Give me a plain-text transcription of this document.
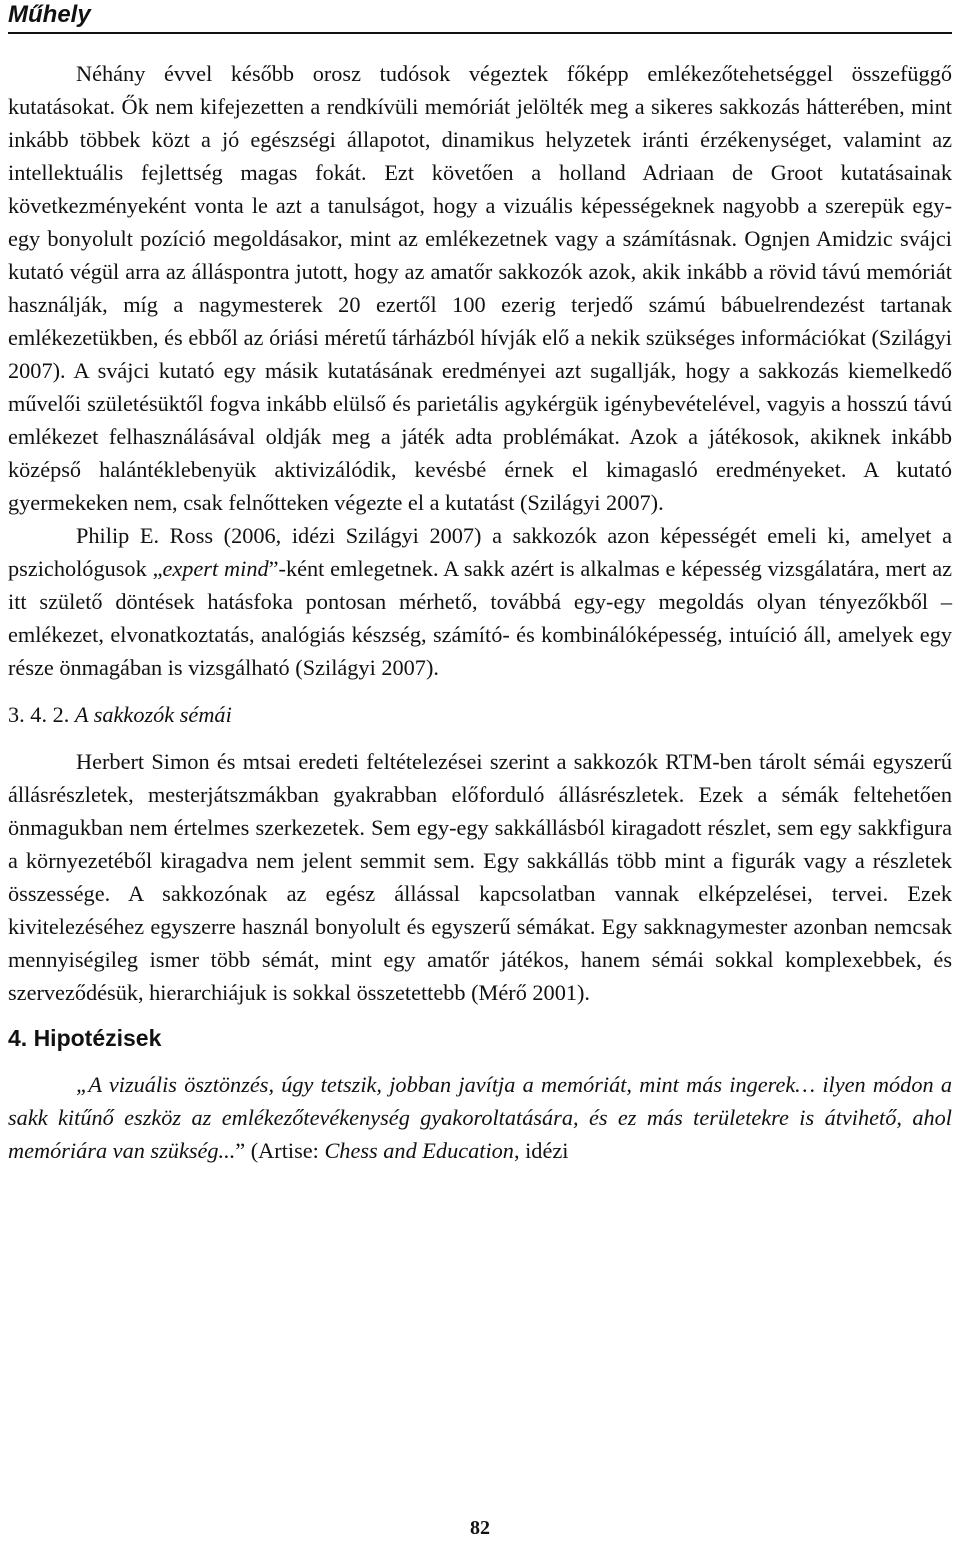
Műhely

Néhány évvel később orosz tudósok végeztek főképp emlékezőtehetséggel összefüggő kutatásokat. Ők nem kifejezetten a rendkívüli memóriát jelölték meg a sikeres sakkozás hátterében, mint inkább többek közt a jó egészségi állapotot, dinamikus helyzetek iránti érzékenységet, valamint az intellektuális fejlettség magas fokát. Ezt követően a holland Adriaan de Groot kutatásainak következményeként vonta le azt a tanulságot, hogy a vizuális képességeknek nagyobb a szerepük egy-egy bonyolult pozíció megoldásakor, mint az emlékezetnek vagy a számításnak. Ognjen Amidzic svájci kutató végül arra az álláspontra jutott, hogy az amatőr sakkozók azok, akik inkább a rövid távú memóriát használják, míg a nagymesterek 20 ezertől 100 ezerig terjedő számú bábuelrendezést tartanak emlékezetükben, és ebből az óriási méretű tárházból hívják elő a nekik szükséges információkat (Szilágyi 2007). A svájci kutató egy másik kutatásának eredményei azt sugallják, hogy a sakkozás kiemelkedő művelői születésüktől fogva inkább elülső és parietális agykérgük igénybevételével, vagyis a hosszú távú emlékezet felhasználásával oldják meg a játék adta problémákat. Azok a játékosok, akiknek inkább középső halántéklebenyük aktivizálódik, kevésbé érnek el kimagasló eredményeket. A kutató gyermekeken nem, csak felnőtteken végezte el a kutatást (Szilágyi 2007).

Philip E. Ross (2006, idézi Szilágyi 2007) a sakkozók azon képességét emeli ki, amelyet a pszichológusok „expert mind”-ként emlegetnek. A sakk azért is alkalmas e képesség vizsgálatára, mert az itt születő döntések hatásfoka pontosan mérhető, továbbá egy-egy megoldás olyan tényezőkből – emlékezet, elvonatkoztatás, analógiás készség, számító- és kombinálóképesség, intuíció áll, amelyek egy része önmagában is vizsgálható (Szilágyi 2007).

3. 4. 2. A sakkozók sémái

Herbert Simon és mtsai eredeti feltételezései szerint a sakkozók RTM-ben tárolt sémái egyszerű állásrészletek, mesterjátszmákban gyakrabban előforduló állásrészletek. Ezek a sémák feltehetően önmagukban nem értelmes szerkezetek. Sem egy-egy sakkállásból kiragadott részlet, sem egy sakkfigura a környezetéből kiragadva nem jelent semmit sem. Egy sakkállás több mint a figurák vagy a részletek összessége. A sakkozónak az egész állással kapcsolatban vannak elképzelései, tervei. Ezek kivitelezéséhez egyszerre használ bonyolult és egyszerű sémákat. Egy sakknagymester azonban nemcsak mennyiségileg ismer több sémát, mint egy amatőr játékos, hanem sémái sokkal komplexebbek, és szerveződésük, hierarchiájuk is sokkal összetettebb (Mérő 2001).

4. Hipotézisek

„A vizuális ösztönzés, úgy tetszik, jobban javítja a memóriát, mint más ingerek… ilyen módon a sakk kitűnő eszköz az emlékezőtevékenység gyakoroltatására, és ez más területekre is átvihető, ahol memóriára van szükség...” (Artise: Chess and Education, idézi

82
